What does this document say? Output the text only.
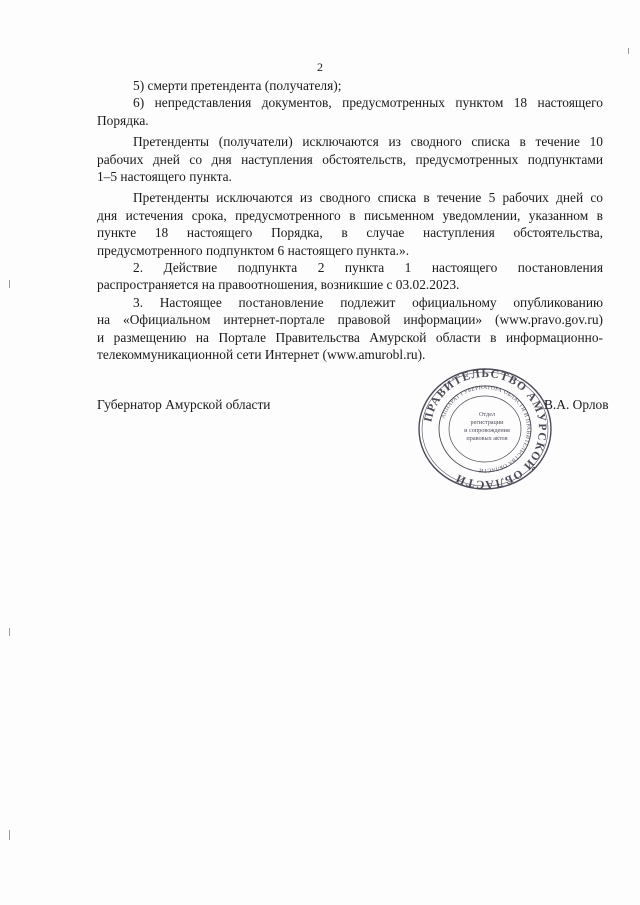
2
5) смерти претендента (получателя);
6) непредставления документов, предусмотренных пунктом 18 настоящего
Порядка.
Претенденты (получатели) исключаются из сводного списка в течение 10
рабочих дней со дня наступления обстоятельств, предусмотренных подпунктами
1–5 настоящего пункта.
Претенденты исключаются из сводного списка в течение 5 рабочих дней со
дня истечения срока, предусмотренного в письменном уведомлении, указанном в
пункте 18 настоящего Порядка, в случае наступления обстоятельства,
предусмотренного подпунктом 6 настоящего пункта.».
2. Действие подпункта 2 пункта 1 настоящего постановления
распространяется на правоотношения, возникшие с 03.02.2023.
3. Настоящее постановление подлежит официальному опубликованию
на «Официальном интернет-портале правовой информации» (www.pravo.gov.ru)
и размещению на Портале Правительства Амурской области в информационно-
телекоммуникационной сети Интернет (www.amurobl.ru).
Губернатор Амурской области	В.А. Орлов
ПРАВИТЕЛЬСТВО АМУРСКОЙ ОБЛАСТИ
АППАРАТ ГУБЕРНАТОРА ОБЛАСТИ И ПРАВИТЕЛЬСТВА ОБЛАСТИ
Отдел
регистрации
и сопровождения
правовых актов
